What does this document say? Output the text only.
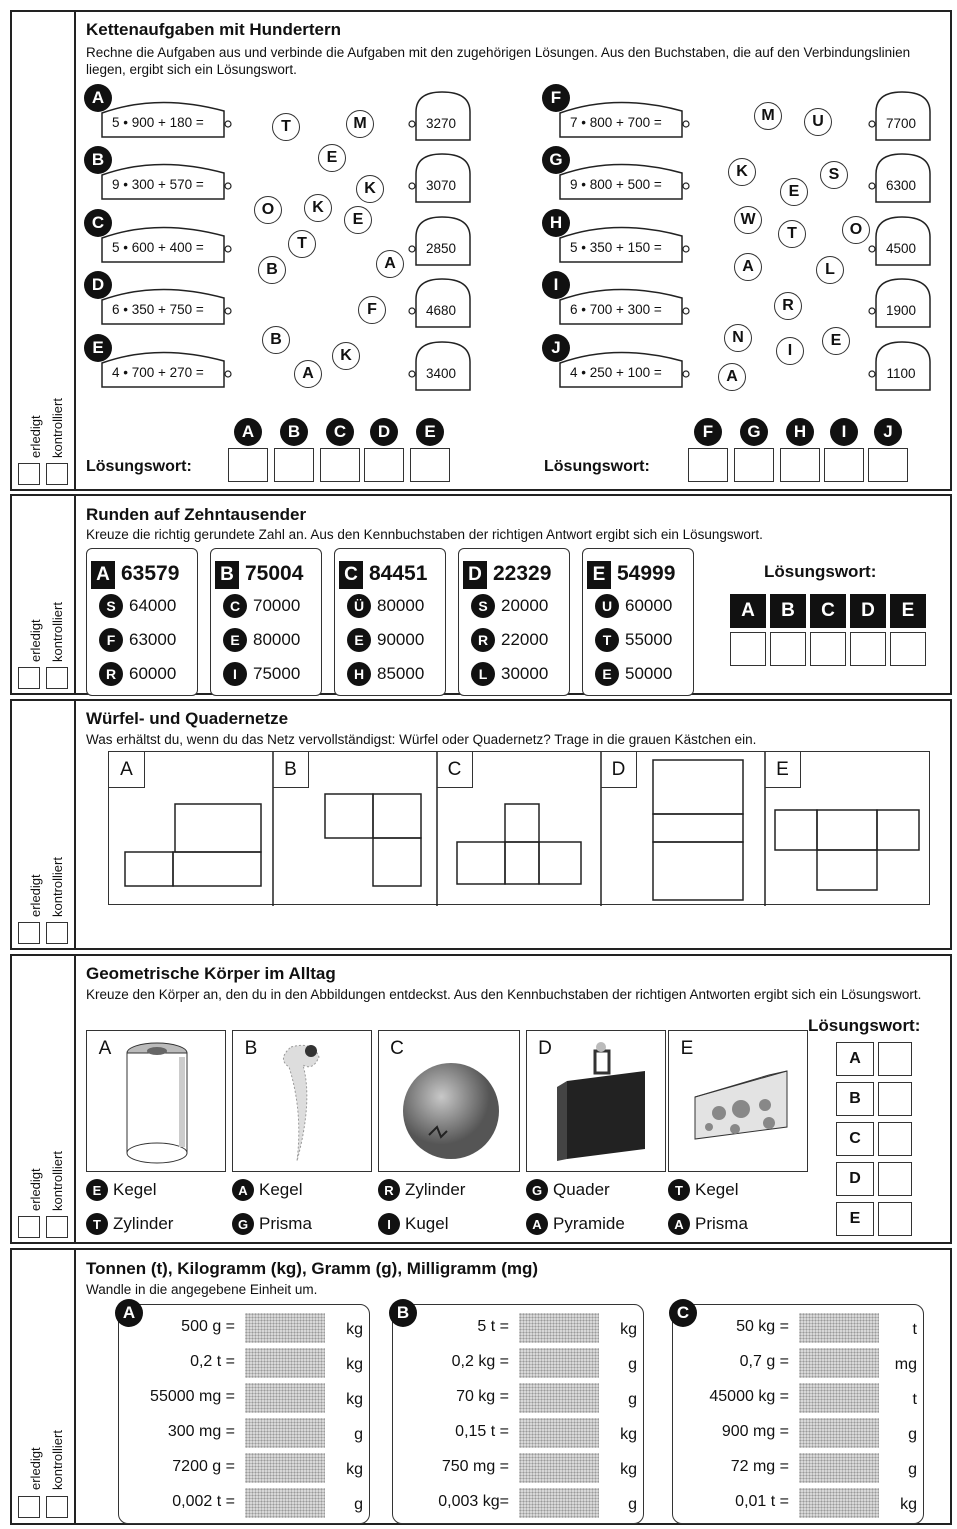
erledigt kontrolliert
Kettenaufgaben mit Hundertern
Rechne die Aufgaben aus und verbinde die Aufgaben mit den zugehörigen Lösungen. Aus den Buchstaben, die auf den Verbindungslinien liegen, ergibt sich ein Lösungswort.
5 • 900 + 180 =
A
9 • 300 + 570 =
B
5 • 600 + 400 =
C
6 • 350 + 750 =
D
4 • 700 + 270 =
E
3270
3070
2850
4680
3400
T	M
E
K
O	K
E
T
B	A
F
B
K
A
7 • 800 + 700 =
F
9 • 800 + 500 =
G
5 • 350 + 150 =
H
6 • 700 + 300 =
I
4 • 250 + 100 =
J
7700
6300
4500
1900
1100
M	U
K
E
S
W
T	O
A	L
R
N
I
E
A
Lösungswort:	Lösungswort:
A	B	C	D	E	F	G	H	I	J
erledigt kontrolliert
Runden auf Zehntausender
Kreuze die richtig gerundete Zahl an. Aus den Kennbuchstaben der richtigen Antwort ergibt sich ein Lösungswort.
A 63579
S 64000
F 63000
R 60000
B 75004
C 70000
E 80000
I 75000
C 84451
Ü 80000
E 90000
H 85000
D 22329
S 20000
R 22000
L 30000
E 54999
U 60000
T 55000
E 50000
Lösungswort:
A	B	C	D	E
erledigt kontrolliert
Würfel- und Quadernetze
Was erhältst du, wenn du das Netz vervollständigst: Würfel oder Quadernetz? Trage in die grauen Kästchen ein.
A	B	C	D	E
erledigt kontrolliert
Geometrische Körper im Alltag
Kreuze den Körper an, den du in den Abbildungen entdeckst. Aus den Kennbuchstaben der richtigen Antworten ergibt sich ein Lösungswort.
Lösungswort:
A	B	C	D	E
E Kegel
T Zylinder
A Kegel
G Prisma
R Zylinder
I Kugel
G Quader
A Pyramide
T Kegel
A Prisma
A
B
C
D
E
erledigt kontrolliert
Tonnen (t), Kilogramm (kg), Gramm (g), Milligramm (mg)
Wandle in die angegebene Einheit um.
A
500 g =	kg
0,2 t =	kg
55000 mg =	kg
300 mg =	g
7200 g =	kg
0,002 t =	g
B
5 t =	kg
0,2 kg =	g
70 kg =	g
0,15 t =	kg
750 mg =	kg
0,003 kg=	g
C
50 kg =	t
0,7 g =	mg
45000 kg =	t
900 mg =	g
72 mg =	g
0,01 t =	kg
